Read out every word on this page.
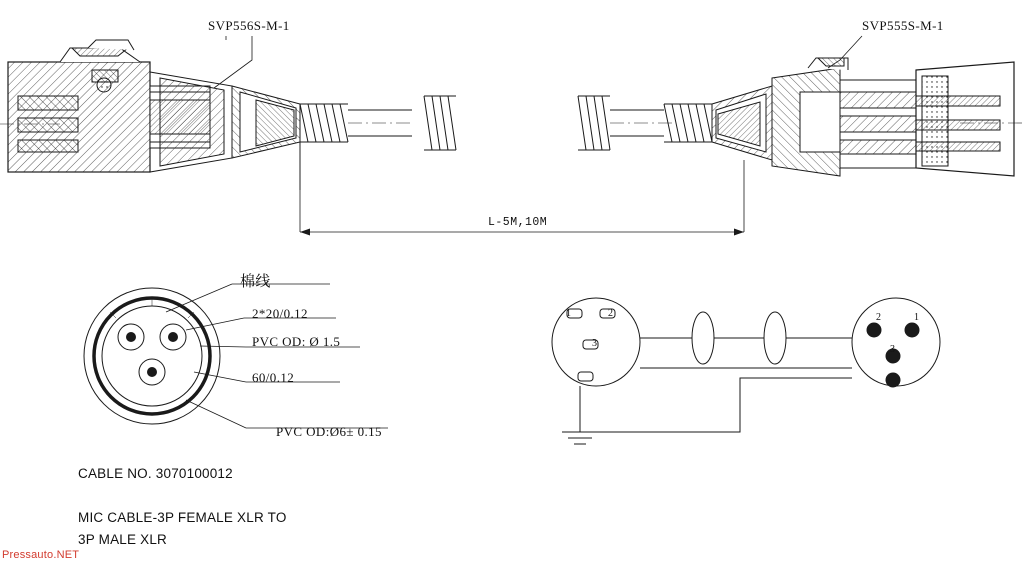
SVP556S-M-1	SVP555S-M-1
L-5M,10M
棉线
2*20/0.12
PVC OD: Ø 1.5
60/0.12
PVC OD:Ø6± 0.15
1	2
3
2	1
3
CABLE NO. 3070100012
MIC CABLE-3P FEMALE XLR TO
3P MALE XLR
Pressauto.NET
